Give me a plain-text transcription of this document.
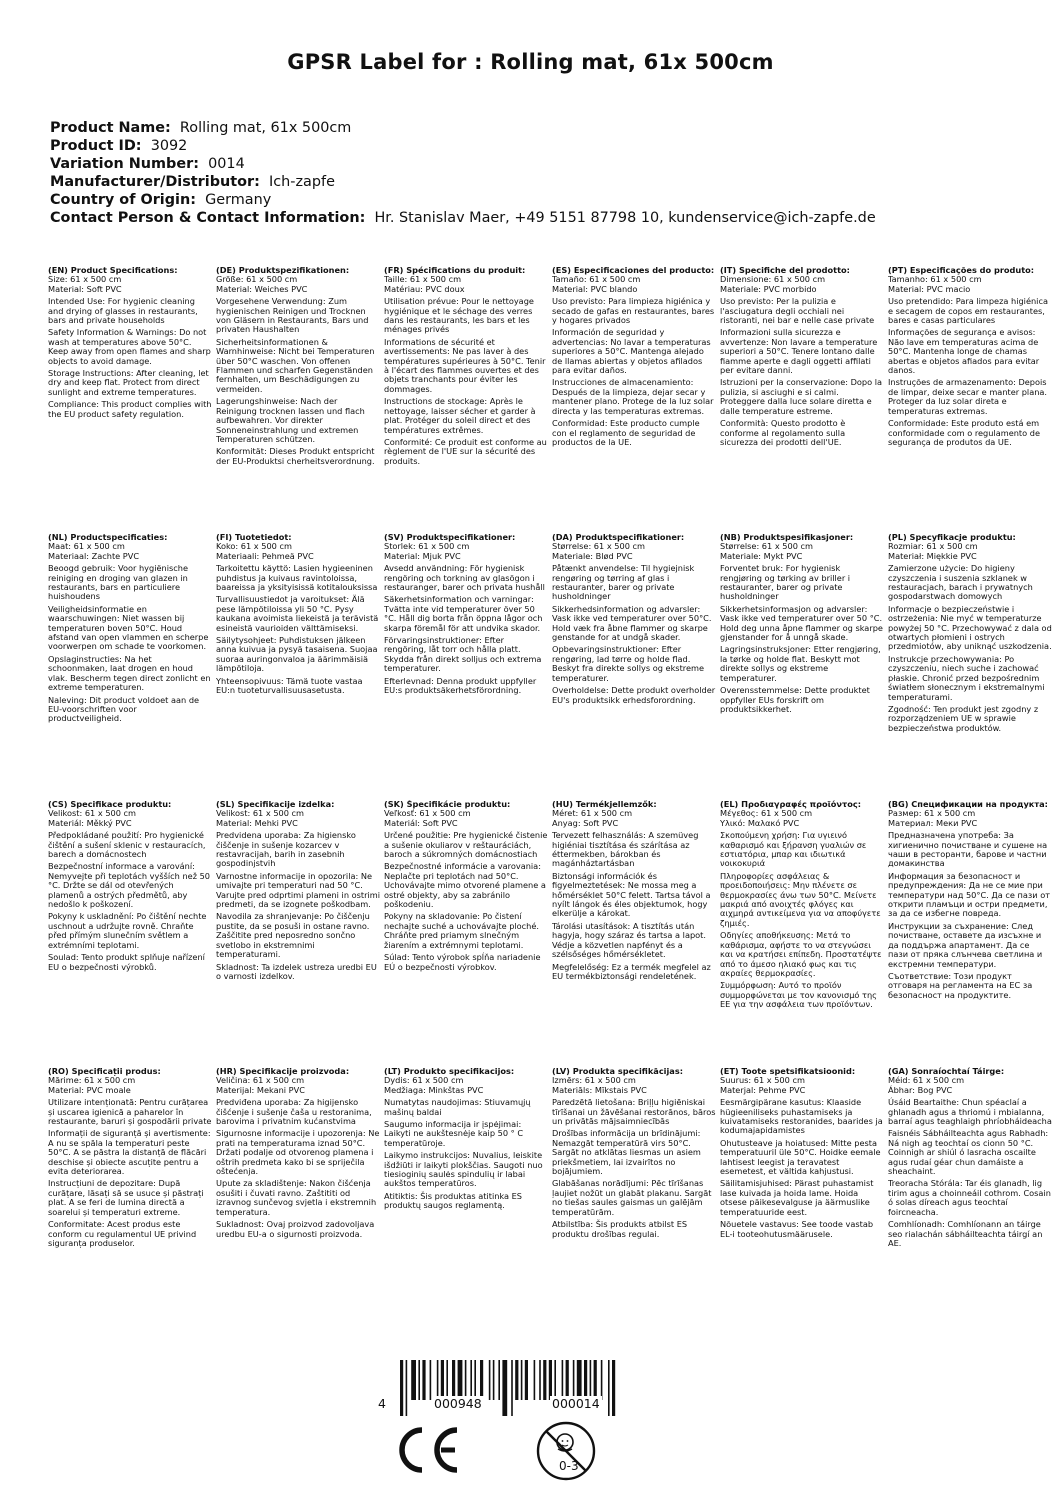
GPSR Label for : Rolling mat, 61x 500cm
Product Name: Rolling mat, 61x 500cm
Product ID: 3092
Variation Number: 0014
Manufacturer/Distributor: Ich-zapfe
Country of Origin: Germany
Contact Person & Contact Information: Hr. Stanislav Maer, +49 5151 87798 10, kundenservice@ich-zapfe.de
(EN) Product Specifications:

Size: 61 x 500 cm

Material: Soft PVC

Intended Use: For hygienic cleaning and drying of glasses in restaurants, bars and private households

Safety Information & Warnings: Do not wash at temperatures above 50°C. Keep away from open flames and sharp objects to avoid damage.

Storage Instructions: After cleaning, let dry and keep flat. Protect from direct sunlight and extreme temperatures.

Compliance: This product complies with the EU product safety regulation.

(DE) Produktspezifikationen:

Größe: 61 x 500 cm

Material: Weiches PVC

Vorgesehene Verwendung: Zum hygienischen Reinigen und Trocknen von Gläsern in Restaurants, Bars und privaten Haushalten

Sicherheitsinformationen & Warnhinweise: Nicht bei Temperaturen über 50°C waschen. Von offenen Flammen und scharfen Gegenständen fernhalten, um Beschädigungen zu vermeiden.

Lagerungshinweise: Nach der Reinigung trocknen lassen und flach aufbewahren. Vor direkter Sonneneinstrahlung und extremen Temperaturen schützen.

Konformität: Dieses Produkt entspricht der EU-Produktsi cherheitsverordnung.

(FR) Spécifications du produit:

Taille: 61 x 500 cm

Matériau: PVC doux

Utilisation prévue: Pour le nettoyage hygiénique et le séchage des verres dans les restaurants, les bars et les ménages privés

Informations de sécurité et avertissements: Ne pas laver à des températures supérieures à 50°C. Tenir à l'écart des flammes ouvertes et des objets tranchants pour éviter les dommages.

Instructions de stockage: Après le nettoyage, laisser sécher et garder à plat. Protéger du soleil direct et des températures extrêmes.

Conformité: Ce produit est conforme au règlement de l'UE sur la sécurité des produits.

(ES) Especificaciones del producto:

Tamaño: 61 x 500 cm

Material: PVC blando

Uso previsto: Para limpieza higiénica y secado de gafas en restaurantes, bares y hogares privados

Información de seguridad y advertencias: No lavar a temperaturas superiores a 50°C. Mantenga alejado de llamas abiertas y objetos afilados para evitar daños.

Instrucciones de almacenamiento: Después de la limpieza, dejar secar y mantener plano. Protege de la luz solar directa y las temperaturas extremas.

Conformidad: Este producto cumple con el reglamento de seguridad de productos de la UE.

(IT) Specifiche del prodotto:

Dimensione: 61 x 500 cm

Materiale: PVC morbido

Uso previsto: Per la pulizia e l'asciugatura degli occhiali nei ristoranti, nei bar e nelle case private

Informazioni sulla sicurezza e avvertenze: Non lavare a temperature superiori a 50°C. Tenere lontano dalle fiamme aperte e dagli oggetti affilati per evitare danni.

Istruzioni per la conservazione: Dopo la pulizia, si asciughi e si calmi. Proteggere dalla luce solare diretta e dalle temperature estreme.

Conformità: Questo prodotto è conforme al regolamento sulla sicurezza dei prodotti dell'UE.

(PT) Especificações do produto:

Tamanho: 61 x 500 cm

Material: PVC macio

Uso pretendido: Para limpeza higiénica e secagem de copos em restaurantes, bares e casas particulares

Informações de segurança e avisos: Não lave em temperaturas acima de 50°C. Mantenha longe de chamas abertas e objetos afiados para evitar danos.

Instruções de armazenamento: Depois de limpar, deixe secar e manter plana. Proteger da luz solar direta e temperaturas extremas.

Conformidade: Este produto está em conformidade com o regulamento de segurança de produtos da UE.

(NL) Productspecificaties:

Maat: 61 x 500 cm

Materiaal: Zachte PVC

Beoogd gebruik: Voor hygiënische reiniging en droging van glazen in restaurants, bars en particuliere huishoudens

Veiligheidsinformatie en waarschuwingen: Niet wassen bij temperaturen boven 50°C. Houd afstand van open vlammen en scherpe voorwerpen om schade te voorkomen.

Opslaginstructies: Na het schoonmaken, laat drogen en houd vlak. Bescherm tegen direct zonlicht en extreme temperaturen.

Naleving: Dit product voldoet aan de EU-voorschriften voor productveiligheid.

(FI) Tuotetiedot:

Koko: 61 x 500 cm

Materiaali: Pehmeä PVC

Tarkoitettu käyttö: Lasien hygieeninen puhdistus ja kuivaus ravintoloissa, baareissa ja yksityisissä kotitalouksissa

Turvallisuustiedot ja varoitukset: Älä pese lämpötiloissa yli 50 °C. Pysy kaukana avoimista liekeistä ja terävistä esineistä vaurioiden välttämiseksi.

Säilytysohjeet: Puhdistuksen jälkeen anna kuivua ja pysyä tasaisena. Suojaa suoraa auringonvaloa ja äärimmäisiä lämpötiloja.

Yhteensopivuus: Tämä tuote vastaa EU:n tuoteturvallisuusasetusta.

(SV) Produktspecifikationer:

Storlek: 61 x 500 cm

Material: Mjuk PVC

Avsedd användning: För hygienisk rengöring och torkning av glasögon i restauranger, barer och privata hushåll

Säkerhetsinformation och varningar: Tvätta inte vid temperaturer över 50 °C. Håll dig borta från öppna lågor och skarpa föremål för att undvika skador.

Förvaringsinstruktioner: Efter rengöring, låt torr och hålla platt. Skydda från direkt solljus och extrema temperaturer.

Efterlevnad: Denna produkt uppfyller EU:s produktsäkerhetsförordning.

(DA) Produktspecifikationer:

Størrelse: 61 x 500 cm

Materiale: Blød PVC

Påtænkt anvendelse: Til hygiejnisk rengøring og tørring af glas i restauranter, barer og private husholdninger

Sikkerhedsinformation og advarsler: Vask ikke ved temperaturer over 50°C. Hold væk fra åbne flammer og skarpe genstande for at undgå skader.

Opbevaringsinstruktioner: Efter rengøring, lad tørre og holde flad. Beskyt fra direkte sollys og ekstreme temperaturer.

Overholdelse: Dette produkt overholder EU's produktsikk erhedsforordning.

(NB) Produktspesifikasjoner:

Størrelse: 61 x 500 cm

Materiale: Mykt PVC

Forventet bruk: For hygienisk rengjøring og tørking av briller i restauranter, barer og private husholdninger

Sikkerhetsinformasjon og advarsler: Vask ikke ved temperaturer over 50 °C. Hold deg unna åpne flammer og skarpe gjenstander for å unngå skade.

Lagringsinstruksjoner: Etter rengjøring, la tørke og holde flat. Beskytt mot direkte sollys og ekstreme temperaturer.

Overensstemmelse: Dette produktet oppfyller EUs forskrift om produktsikkerhet.

(PL) Specyfikacje produktu:

Rozmiar: 61 x 500 cm

Materiał: Miękkie PVC

Zamierzone użycie: Do higieny czyszczenia i suszenia szklanek w restauracjach, barach i prywatnych gospodarstwach domowych

Informacje o bezpieczeństwie i ostrzeżenia: Nie myć w temperaturze powyżej 50 °C. Przechowywać z dala od otwartych płomieni i ostrych przedmiotów, aby uniknąć uszkodzenia.

Instrukcje przechowywania: Po czyszczeniu, niech suche i zachować płaskie. Chronić przed bezpośrednim światłem słonecznym i ekstremalnymi temperaturami.

Zgodność: Ten produkt jest zgodny z rozporządzeniem UE w sprawie bezpieczeństwa produktów.

(CS) Specifikace produktu:

Velikost: 61 x 500 cm

Materiál: Měkký PVC

Předpokládané použití: Pro hygienické čištění a sušení sklenic v restauracích, barech a domácnostech

Bezpečnostní informace a varování: Nemyvejte při teplotách vyšších než 50 °C. Držte se dál od otevřených plamenů a ostrých předmětů, aby nedošlo k poškození.

Pokyny k uskladnění: Po čištění nechte uschnout a udržujte rovně. Chraňte před přímým slunečním světlem a extrémními teplotami.

Soulad: Tento produkt splňuje nařízení EU o bezpečnosti výrobků.

(SL) Specifikacije izdelka:

Velikost: 61 x 500 cm

Material: Mehki PVC

Predvidena uporaba: Za higiensko čiščenje in sušenje kozarcev v restavracijah, barih in zasebnih gospodinjstvih

Varnostne informacije in opozorila: Ne umivajte pri temperaturi nad 50 °C. Varujte pred odprtimi plameni in ostrimi predmeti, da se izognete poškodbam.

Navodila za shranjevanje: Po čiščenju pustite, da se posuši in ostane ravno. Zaščitite pred neposredno sončno svetlobo in ekstremnimi temperaturami.

Skladnost: Ta izdelek ustreza uredbi EU o varnosti izdelkov.

(SK) Špecifikácie produktu:

Veľkosť: 61 x 500 cm

Materiál: Soft PVC

Určené použitie: Pre hygienické čistenie a sušenie okuliarov v reštauráciách, baroch a súkromných domácnostiach

Bezpečnostné informácie a varovania: Neplačte pri teplotách nad 50°C. Uchovávajte mimo otvorené plamene a ostré objekty, aby sa zabránilo poškodeniu.

Pokyny na skladovanie: Po čistení nechajte suché a uchovávajte ploché. Chráňte pred priamym slnečným žiarením a extrémnymi teplotami.

Súlad: Tento výrobok spĺňa nariadenie EÚ o bezpečnosti výrobkov.

(HU) Termékjellemzők:

Méret: 61 x 500 cm

Anyag: Soft PVC

Tervezett felhasználás: A szemüveg higiéniai tisztítása és szárítása az éttermekben, bárokban és magánháztartásban

Biztonsági információk és figyelmeztetések: Ne mossa meg a hőmérséklet 50°C felett. Tartsa távol a nyílt lángok és éles objektumok, hogy elkerülje a károkat.

Tárolási utasítások: A tisztítás után hagyja, hogy száraz és tartsa a lapot. Védje a közvetlen napfényt és a szélsőséges hőmérsékletet.

Megfelelőség: Ez a termék megfelel az EU termékbiztonsági rendeletének.

(EL) Προδιαγραφές προϊόντος:

Μέγεθος: 61 x 500 cm

Υλικό: Μαλακό PVC

Σκοπούμενη χρήση: Για υγιεινό καθαρισμό και ξήρανση γυαλιών σε εστιατόρια, μπαρ και ιδιωτικά νοικοκυριά

Πληροφορίες ασφάλειας & προειδοποιήσεις: Μην πλένετε σε θερμοκρασίες άνω των 50°C. Μείνετε μακριά από ανοιχτές φλόγες και αιχμηρά αντικείμενα για να αποφύγετε ζημιές.

Οδηγίες αποθήκευσης: Μετά το καθάρισμα, αφήστε το να στεγνώσει και να κρατήσει επίπεδη. Προστατέψτε από το άμεσο ηλιακό φως και τις ακραίες θερμοκρασίες.

Συμμόρφωση: Αυτό το προϊόν συμμορφώνεται με τον κανονισμό της ΕΕ για την ασφάλεια των προϊόντων.

(BG) Спецификации на продукта:

Размер: 61 x 500 cm

Материал: Меки PVC

Предназначена употреба: За хигиенично почистване и сушене на чаши в ресторанти, барове и частни домакинства

Информация за безопасност и предупреждения: Да не се мие при температури над 50°C. Да се пази от открити пламъци и остри предмети, за да се избегне повреда.

Инструкции за съхранение: След почистване, оставете да изсъхне и да поддържа апартамент. Да се пази от пряка слънчева светлина и екстремни температури.

Съответствие: Този продукт отговаря на регламента на ЕС за безопасност на продуктите.

(RO) Specificații produs:

Mărime: 61 x 500 cm

Material: PVC moale

Utilizare intenționată: Pentru curățarea și uscarea igienică a paharelor în restaurante, baruri și gospodării private

Informații de siguranță și avertismente: A nu se spăla la temperaturi peste 50°C. A se păstra la distanță de flăcări deschise și obiecte ascuțite pentru a evita deteriorarea.

Instrucțiuni de depozitare: După curățare, lăsați să se usuce și păstrați plat. A se feri de lumina directă a soarelui și temperaturi extreme.

Conformitate: Acest produs este conform cu regulamentul UE privind siguranța produselor.

(HR) Specifikacije proizvoda:

Veličina: 61 x 500 cm

Materijal: Mekani PVC

Predviđena uporaba: Za higijensko čišćenje i sušenje čaša u restoranima, barovima i privatnim kućanstvima

Sigurnosne informacije i upozorenja: Ne prati na temperaturama iznad 50°C. Držati podalje od otvorenog plamena i oštrih predmeta kako bi se spriječila oštećenja.

Upute za skladištenje: Nakon čišćenja osušiti i čuvati ravno. Zaštititi od izravnog sunčevog svjetla i ekstremnih temperatura.

Sukladnost: Ovaj proizvod zadovoljava uredbu EU-a o sigurnosti proizvoda.

(LT) Produkto specifikacijos:

Dydis: 61 x 500 cm

Medžiaga: Minkštas PVC

Numatytas naudojimas: Stiuvamųjų mašinų baldai

Saugumo informacija ir įspėjimai: Laikyti ne aukštesnėje kaip 50 ° C temperatūroje.

Laikymo instrukcijos: Nuvalius, leiskite išdžiūti ir laikyti plokščias. Saugoti nuo tiesioginių saulės spindulių ir labai aukštos temperatūros.

Atitiktis: Šis produktas atitinka ES produktų saugos reglamentą.

(LV) Produkta specifikācijas:

Izmērs: 61 x 500 cm

Materiāls: Mīkstais PVC

Paredzētā lietošana: Briļļu higiēniskai tīrīšanai un žāvēšanai restorānos, bāros un privātās mājsaimniecībās

Drošības informācija un brīdinājumi: Nemazgāt temperatūrā virs 50°C. Sargāt no atklātas liesmas un asiem priekšmetiem, lai izvairītos no bojājumiem.

Glabāšanas norādījumi: Pēc tīrīšanas ļaujiet nožūt un glabāt plakanu. Sargāt no tiešas saules gaismas un galējām temperatūrām.

Atbilstība: Šis produkts atbilst ES produktu drošības regulai.

(ET) Toote spetsifikatsioonid:

Suurus: 61 x 500 cm

Materjal: Pehme PVC

Eesmärgipärane kasutus: Klaaside hügieeniliseks puhastamiseks ja kuivatamiseks restoranides, baarides ja kodumajapidamistes

Ohutusteave ja hoiatused: Mitte pesta temperatuuril üle 50°C. Hoidke eemale lahtisest leegist ja teravatest esemetest, et vältida kahjustusi.

Säilitamisjuhised: Pärast puhastamist lase kuivada ja hoida lame. Hoida otsese päikesevalguse ja äärmuslike temperatuuride eest.

Nõuetele vastavus: See toode vastab EL-i tooteohutusmäärusele.

(GA) Sonraíochtaí Táirge:

Méid: 61 x 500 cm

Ábhar: Bog PVC

Úsáid Beartaithe: Chun spéaclaí a ghlanadh agus a thriomú i mbialanna, barraí agus teaghlaigh phríobháideacha

Faisnéis Sábháilteachta agus Rabhadh: Ná nigh ag teochtaí os cionn 50 °C. Coinnigh ar shiúl ó lasracha oscailte agus rudaí géar chun damáiste a sheachaint.

Treoracha Stórála: Tar éis glanadh, lig tirim agus a choinneáil cothrom. Cosain ó solas díreach agus teochtaí foircneacha.

Comhlíonadh: Comhlíonann an táirge seo rialachán sábháilteachta táirgí an AE.

4	000948	000014
0-3
